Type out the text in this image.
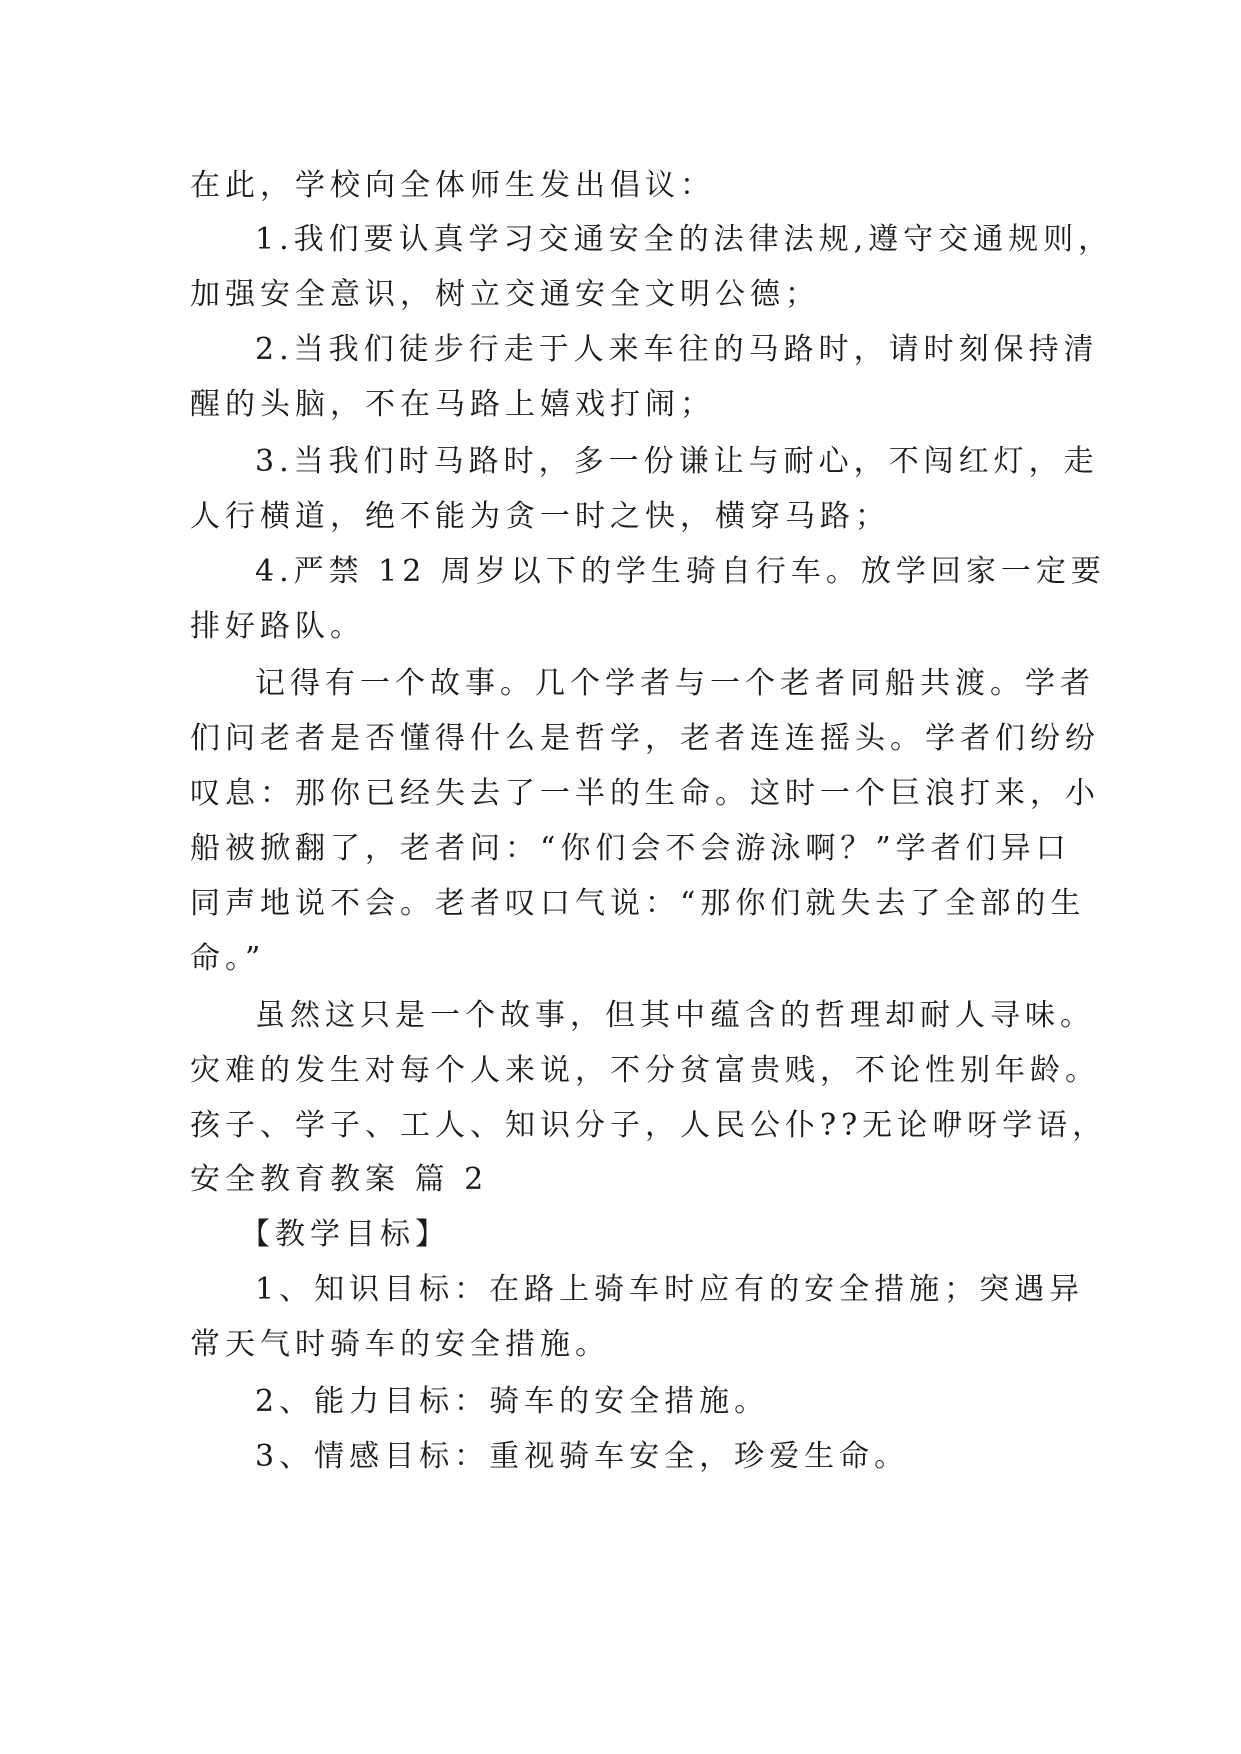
在此，学校向全体师生发出倡议：
1.我们要认真学习交通安全的法律法规,遵守交通规则，
加强安全意识，树立交通安全文明公德；
2.当我们徒步行走于人来车往的马路时，请时刻保持清
醒的头脑，不在马路上嬉戏打闹；
3.当我们时马路时，多一份谦让与耐心，不闯红灯，走
人行横道，绝不能为贪一时之快，横穿马路；
4.严禁 12 周岁以下的学生骑自行车。放学回家一定要
排好路队。
记得有一个故事。几个学者与一个老者同船共渡。学者
们问老者是否懂得什么是哲学，老者连连摇头。学者们纷纷
叹息：那你已经失去了一半的生命。这时一个巨浪打来，小
船被掀翻了，老者问：“你们会不会游泳啊？”学者们异口
同声地说不会。老者叹口气说：“那你们就失去了全部的生
命。”
虽然这只是一个故事，但其中蕴含的哲理却耐人寻味。
灾难的发生对每个人来说，不分贫富贵贱，不论性别年龄。
孩子、学子、工人、知识分子，人民公仆??无论咿呀学语，
安全教育教案 篇 2
【教学目标】
1、知识目标：在路上骑车时应有的安全措施；突遇异
常天气时骑车的安全措施。
2、能力目标：骑车的安全措施。
3、情感目标：重视骑车安全，珍爱生命。
